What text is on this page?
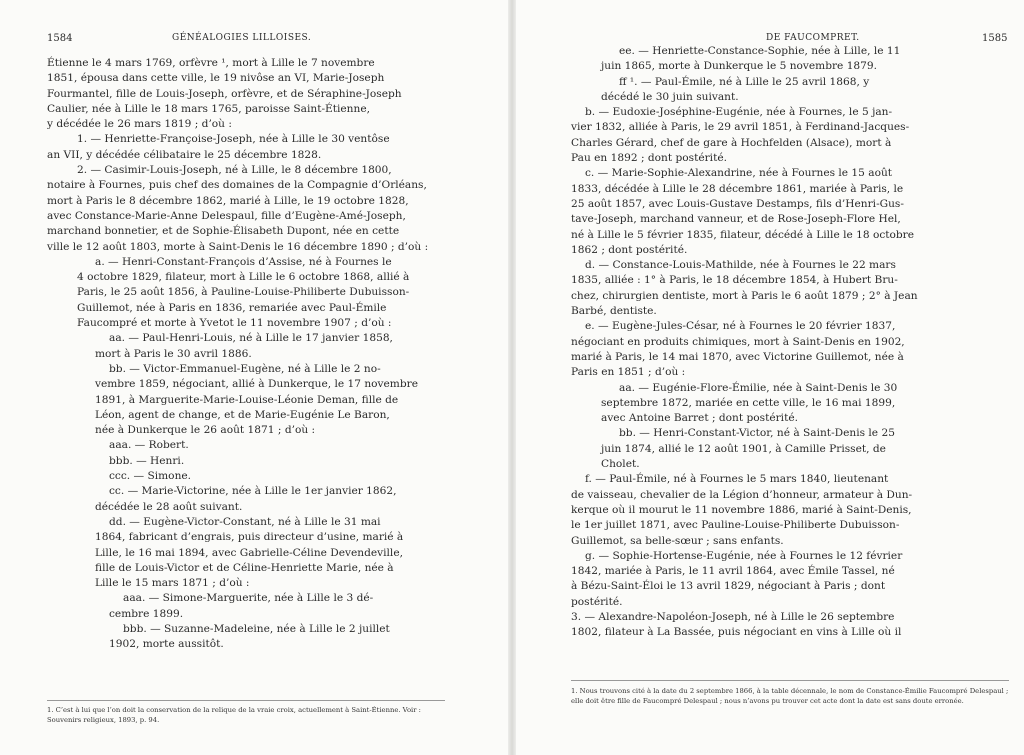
1584	GÉNÉALOGIES LILLOISES.
Étienne le 4 mars 1769, orfèvre ¹, mort à Lille le 7 novembre
1851, épousa dans cette ville, le 19 nivôse an VI, Marie-Joseph
Fourmantel, fille de Louis-Joseph, orfèvre, et de Séraphine-Joseph
Caulier, née à Lille le 18 mars 1765, paroisse Saint-Étienne,
y décédée le 26 mars 1819 ; d’où :
1. — Henriette-Françoise-Joseph, née à Lille le 30 ventôse
an VII, y décédée célibataire le 25 décembre 1828.
2. — Casimir-Louis-Joseph, né à Lille, le 8 décembre 1800,
notaire à Fournes, puis chef des domaines de la Compagnie d’Orléans,
mort à Paris le 8 décembre 1862, marié à Lille, le 19 octobre 1828,
avec Constance-Marie-Anne Delespaul, fille d’Eugène-Amé-Joseph,
marchand bonnetier, et de Sophie-Élisabeth Dupont, née en cette
ville le 12 août 1803, morte à Saint-Denis le 16 décembre 1890 ; d’où :
a. — Henri-Constant-François d’Assise, né à Fournes le
4 octobre 1829, filateur, mort à Lille le 6 octobre 1868, allié à
Paris, le 25 août 1856, à Pauline-Louise-Philiberte Dubuisson-
Guillemot, née à Paris en 1836, remariée avec Paul-Émile
Faucompré et morte à Yvetot le 11 novembre 1907 ; d’où :
aa. — Paul-Henri-Louis, né à Lille le 17 janvier 1858,
mort à Paris le 30 avril 1886.
bb. — Victor-Emmanuel-Eugène, né à Lille le 2 no-
vembre 1859, négociant, allié à Dunkerque, le 17 novembre
1891, à Marguerite-Marie-Louise-Léonie Deman, fille de
Léon, agent de change, et de Marie-Eugénie Le Baron,
née à Dunkerque le 26 août 1871 ; d’où :
aaa. — Robert.
bbb. — Henri.
ccc. — Simone.
cc. — Marie-Victorine, née à Lille le 1er janvier 1862,
décédée le 28 août suivant.
dd. — Eugène-Victor-Constant, né à Lille le 31 mai
1864, fabricant d’engrais, puis directeur d’usine, marié à
Lille, le 16 mai 1894, avec Gabrielle-Céline Devendeville,
fille de Louis-Victor et de Céline-Henriette Marie, née à
Lille le 15 mars 1871 ; d’où :
aaa. — Simone-Marguerite, née à Lille le 3 dé-
cembre 1899.
bbb. — Suzanne-Madeleine, née à Lille le 2 juillet
1902, morte aussitôt.
1. C’est à lui que l’on doit la conservation de la relique de la vraie croix, actuellement à Saint-Étienne. Voir : Souvenirs religieux, 1893, p. 94.
DE FAUCOMPRET.	1585
ee. — Henriette-Constance-Sophie, née à Lille, le 11
juin 1865, morte à Dunkerque le 5 novembre 1879.
ff ¹. — Paul-Émile, né à Lille le 25 avril 1868, y
décédé le 30 juin suivant.
b. — Eudoxie-Joséphine-Eugénie, née à Fournes, le 5 jan-
vier 1832, alliée à Paris, le 29 avril 1851, à Ferdinand-Jacques-
Charles Gérard, chef de gare à Hochfelden (Alsace), mort à
Pau en 1892 ; dont postérité.
c. — Marie-Sophie-Alexandrine, née à Fournes le 15 août
1833, décédée à Lille le 28 décembre 1861, mariée à Paris, le
25 août 1857, avec Louis-Gustave Destamps, fils d’Henri-Gus-
tave-Joseph, marchand vanneur, et de Rose-Joseph-Flore Hel,
né à Lille le 5 février 1835, filateur, décédé à Lille le 18 octobre
1862 ; dont postérité.
d. — Constance-Louis-Mathilde, née à Fournes le 22 mars
1835, alliée : 1° à Paris, le 18 décembre 1854, à Hubert Bru-
chez, chirurgien dentiste, mort à Paris le 6 août 1879 ; 2° à Jean
Barbé, dentiste.
e. — Eugène-Jules-César, né à Fournes le 20 février 1837,
négociant en produits chimiques, mort à Saint-Denis en 1902,
marié à Paris, le 14 mai 1870, avec Victorine Guillemot, née à
Paris en 1851 ; d’où :
aa. — Eugénie-Flore-Émilie, née à Saint-Denis le 30
septembre 1872, mariée en cette ville, le 16 mai 1899,
avec Antoine Barret ; dont postérité.
bb. — Henri-Constant-Victor, né à Saint-Denis le 25
juin 1874, allié le 12 août 1901, à Camille Prisset, de
Cholet.
f. — Paul-Émile, né à Fournes le 5 mars 1840, lieutenant
de vaisseau, chevalier de la Légion d’honneur, armateur à Dun-
kerque où il mourut le 11 novembre 1886, marié à Saint-Denis,
le 1er juillet 1871, avec Pauline-Louise-Philiberte Dubuisson-
Guillemot, sa belle-sœur ; sans enfants.
g. — Sophie-Hortense-Eugénie, née à Fournes le 12 février
1842, mariée à Paris, le 11 avril 1864, avec Émile Tassel, né
à Bézu-Saint-Éloi le 13 avril 1829, négociant à Paris ; dont
postérité.
3. — Alexandre-Napoléon-Joseph, né à Lille le 26 septembre
1802, filateur à La Bassée, puis négociant en vins à Lille où il
1. Nous trouvons cité à la date du 2 septembre 1866, à la table décennale, le nom de Constance-Émilie Faucompré Delespaul ; elle doit être fille de Faucompré Delespaul ; nous n’avons pu trouver cet acte dont la date est sans doute erronée.
